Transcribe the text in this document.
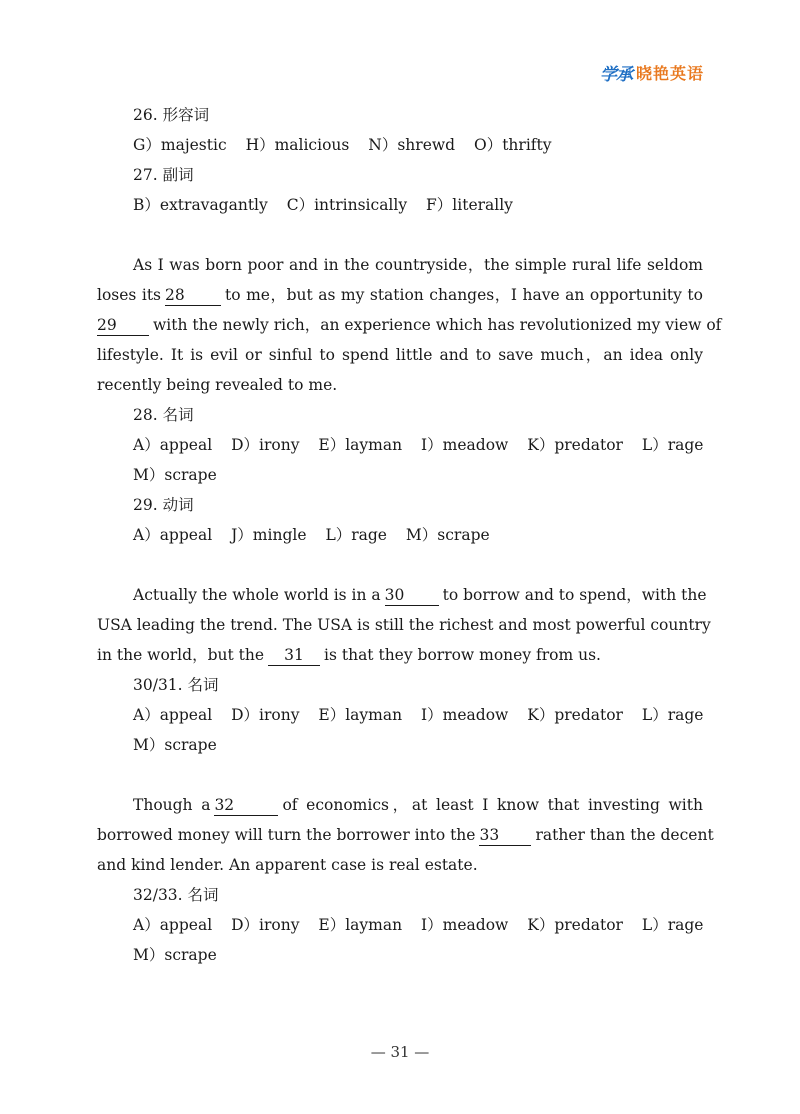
学承 晓艳英语
26. 形容词
G）majestic H）malicious N）shrewd O）thrifty
27. 副词
B）extravagantly C）intrinsically F）literally
As I was born poor and in the countryside，the simple rural life seldom
loses its 28	to me，but as my station changes，I have an opportunity to
29 with the newly rich，an experience which has revolutionized my view of
lifestyle. It is evil or sinful to spend little and to save much，an idea only
recently being revealed to me.
28. 名词
A）appeal D）irony E）layman I）meadow K）predator L）rage
M）scrape
29. 动词
A）appeal J）mingle L）rage M）scrape
Actually the whole world is in a 30 to borrow and to spend，with the
USA leading the trend. The USA is still the richest and most powerful country
in the world，but the 31 is that they borrow money from us.
30/31. 名词
A）appeal D）irony E）layman I）meadow K）predator L）rage
M）scrape
Though a 32	of economics，at least I know that investing with
borrowed money will turn the borrower into the 33 rather than the decent
and kind lender. An apparent case is real estate.
32/33. 名词
A）appeal D）irony E）layman I）meadow K）predator L）rage
M）scrape
— 31 —
